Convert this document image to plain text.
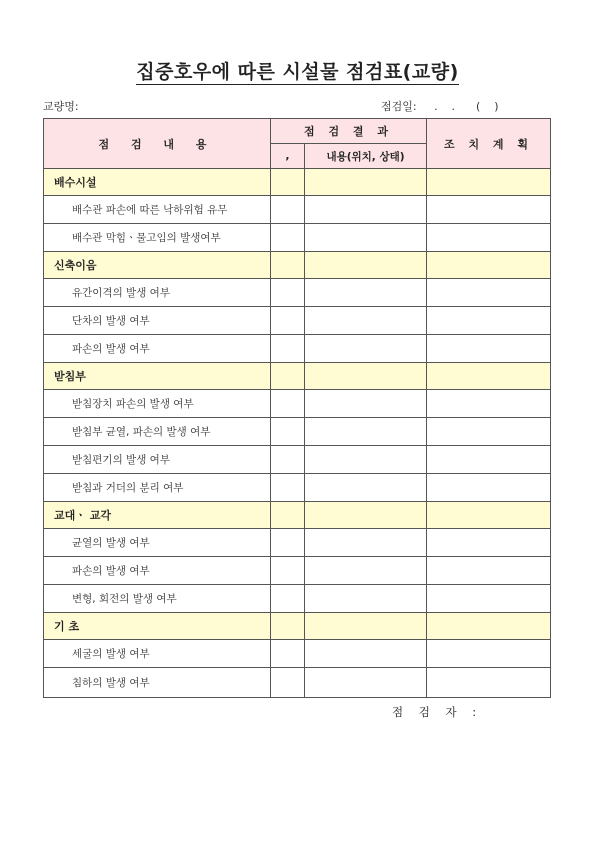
집중호우에 따른 시설물 점검표(교량)
교량명:	점검일:     .    .      (    )
점 검 내 용	점 검 결 과		조 치 계 획
	,	내용(위치, 상태)	
배수시설			
배수관 파손에 따른 낙하위험 유무			
배수관 막힘ㆍ물고임의 발생여부			
신축이음			
유간이격의 발생 여부			
단차의 발생 여부			
파손의 발생 여부			
받침부			
받침장치 파손의 발생 여부			
받침부 균열, 파손의 발생 여부			
받침편기의 발생 여부			
받침과 거더의 분리 여부			
교대ㆍ 교각			
균열의 발생 여부			
파손의 발생 여부			
변형, 회전의 발생 여부			
기 초			
세굴의 발생 여부			
침하의 발생 여부			
점 검 자 :
